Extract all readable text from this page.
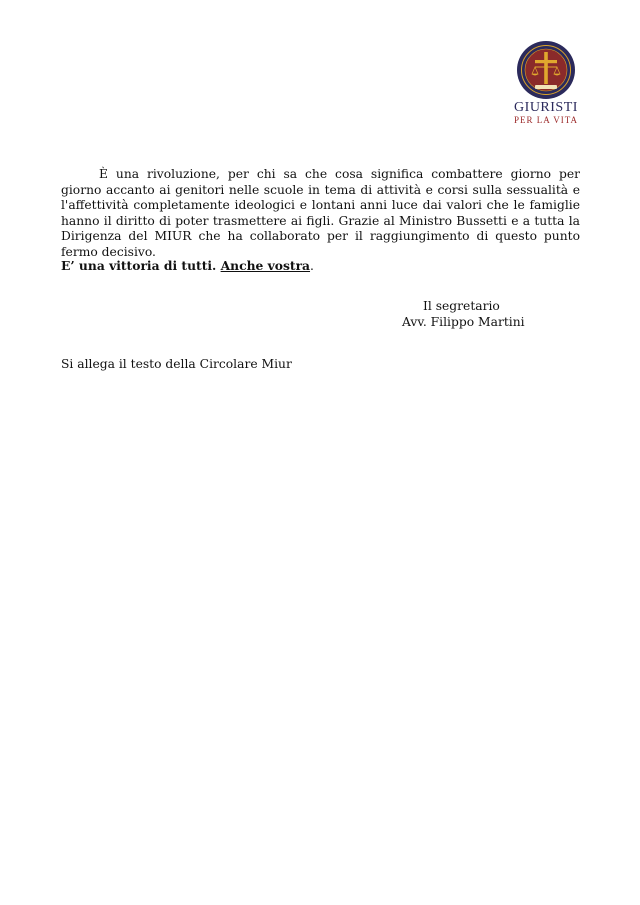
GIURISTI
PER LA VITA
È una rivoluzione, per chi sa che cosa significa combattere giorno per giorno accanto ai genitori nelle scuole in tema di attività e corsi sulla sessualità e l'affettività completamente ideologici e lontani anni luce dai valori che le famiglie hanno il diritto di poter trasmettere ai figli. Grazie al Ministro Bussetti e a tutta la Dirigenza del MIUR che ha collaborato per il raggiungimento di questo punto fermo decisivo.
E’ una vittoria di tutti. Anche vostra.
Il segretario
Avv. Filippo Martini
Si allega il testo della Circolare Miur
